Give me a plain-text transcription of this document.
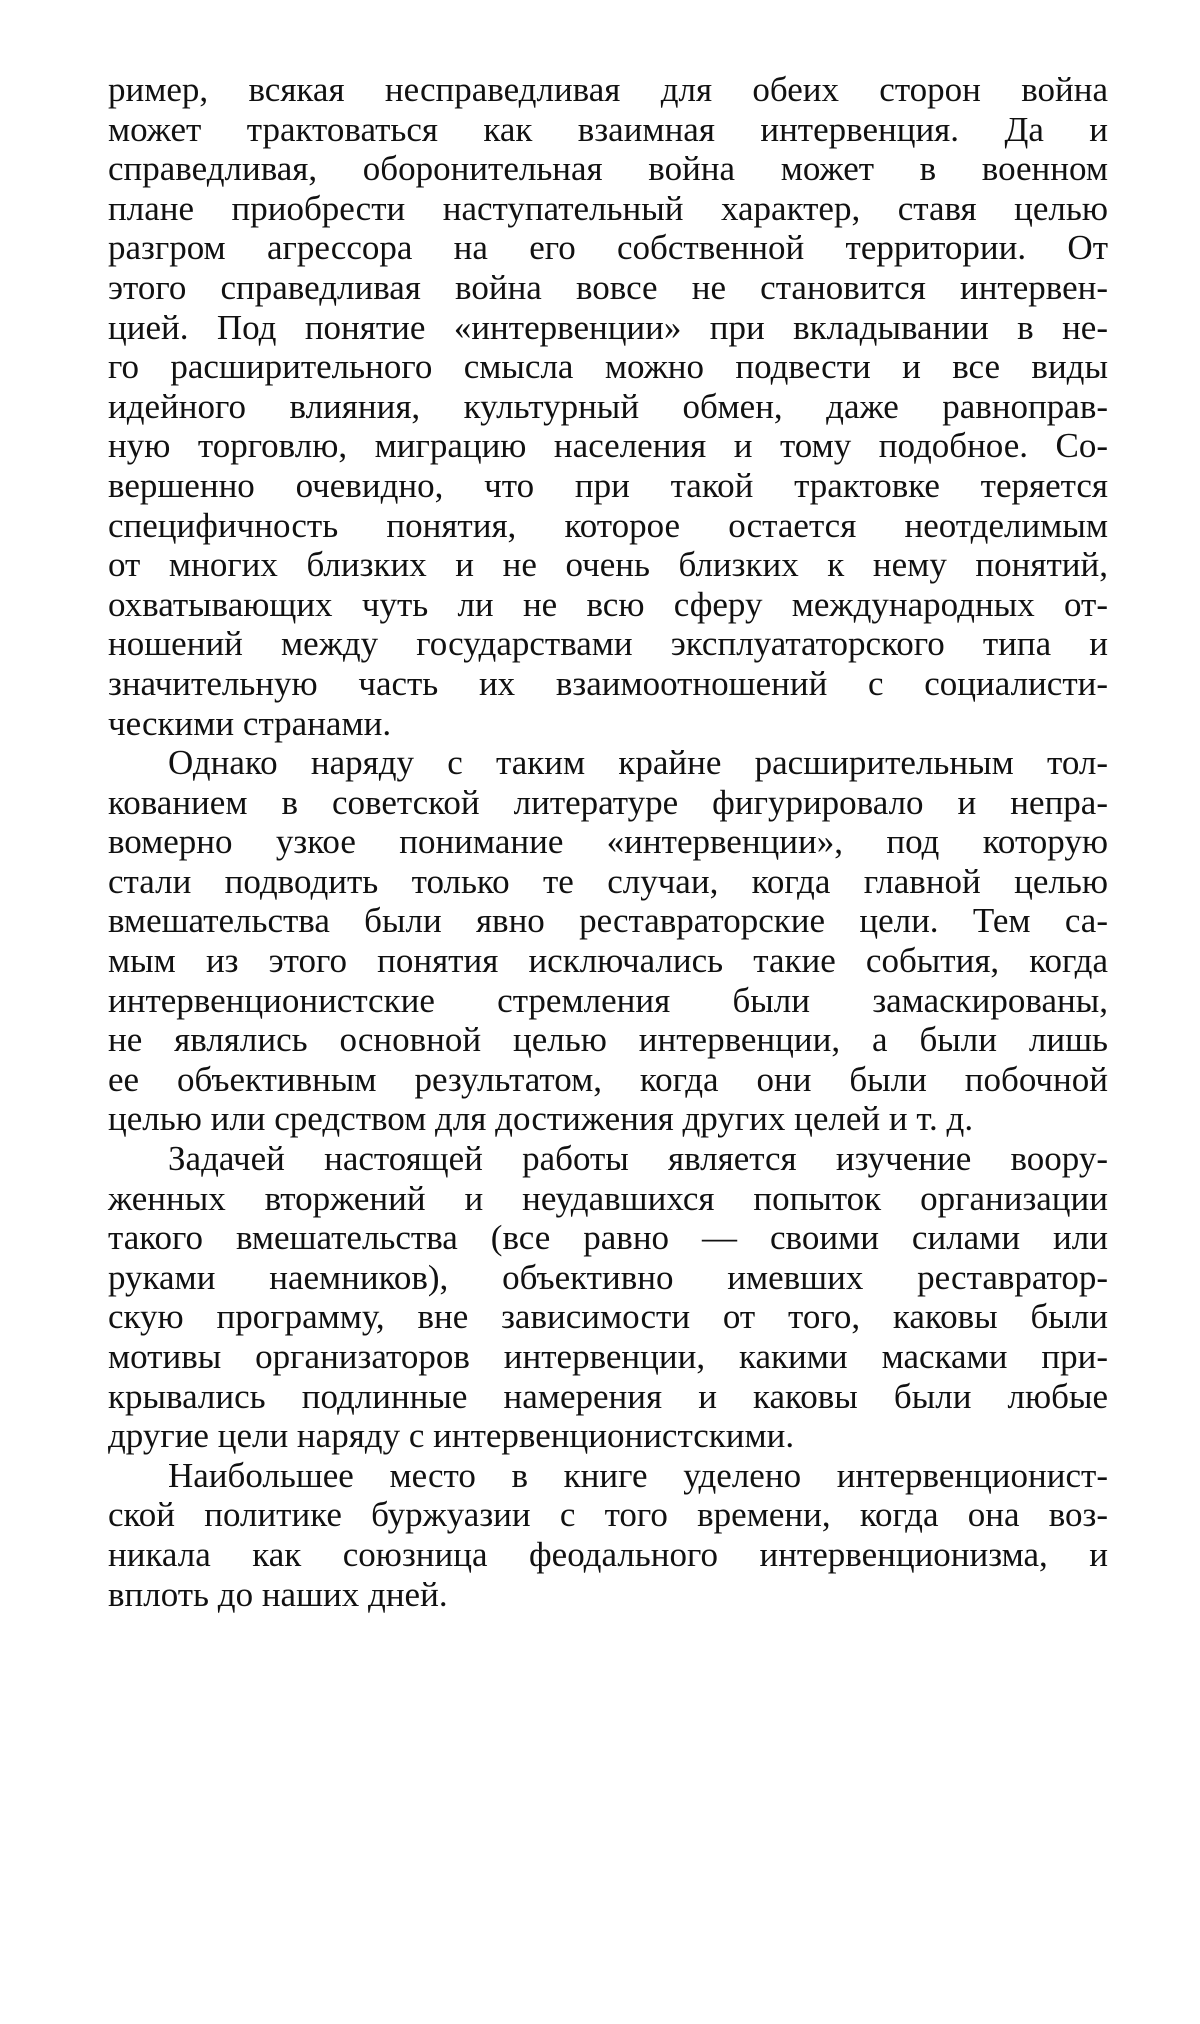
ример, всякая несправедливая для обеих сторон война
может трактоваться как взаимная интервенция. Да и
справедливая, оборонительная война может в военном
плане приобрести наступательный характер, ставя целью
разгром агрессора на его собственной территории. От
этого справедливая война вовсе не становится интервен-
цией. Под понятие «интервенции» при вкладывании в не-
го расширительного смысла можно подвести и все виды
идейного влияния, культурный обмен, даже равноправ-
ную торговлю, миграцию населения и тому подобное. Со-
вершенно очевидно, что при такой трактовке теряется
специфичность понятия, которое остается неотделимым
от многих близких и не очень близких к нему понятий,
охватывающих чуть ли не всю сферу международных от-
ношений между государствами эксплуататорского типа и
значительную часть их взаимоотношений с социалисти-
ческими странами.
Однако наряду с таким крайне расширительным тол-
кованием в советской литературе фигурировало и непра-
вомерно узкое понимание «интервенции», под которую
стали подводить только те случаи, когда главной целью
вмешательства были явно реставраторские цели. Тем са-
мым из этого понятия исключались такие события, когда
интервенционистские стремления были замаскированы,
не являлись основной целью интервенции, а были лишь
ее объективным результатом, когда они были побочной
целью или средством для достижения других целей и т. д.
Задачей настоящей работы является изучение воору-
женных вторжений и неудавшихся попыток организации
такого вмешательства (все равно — своими силами или
руками наемников), объективно имевших реставратор-
скую программу, вне зависимости от того, каковы были
мотивы организаторов интервенции, какими масками при-
крывались подлинные намерения и каковы были любые
другие цели наряду с интервенционистскими.
Наибольшее место в книге уделено интервенционист-
ской политике буржуазии с того времени, когда она воз-
никала как союзница феодального интервенционизма, и
вплоть до наших дней.
